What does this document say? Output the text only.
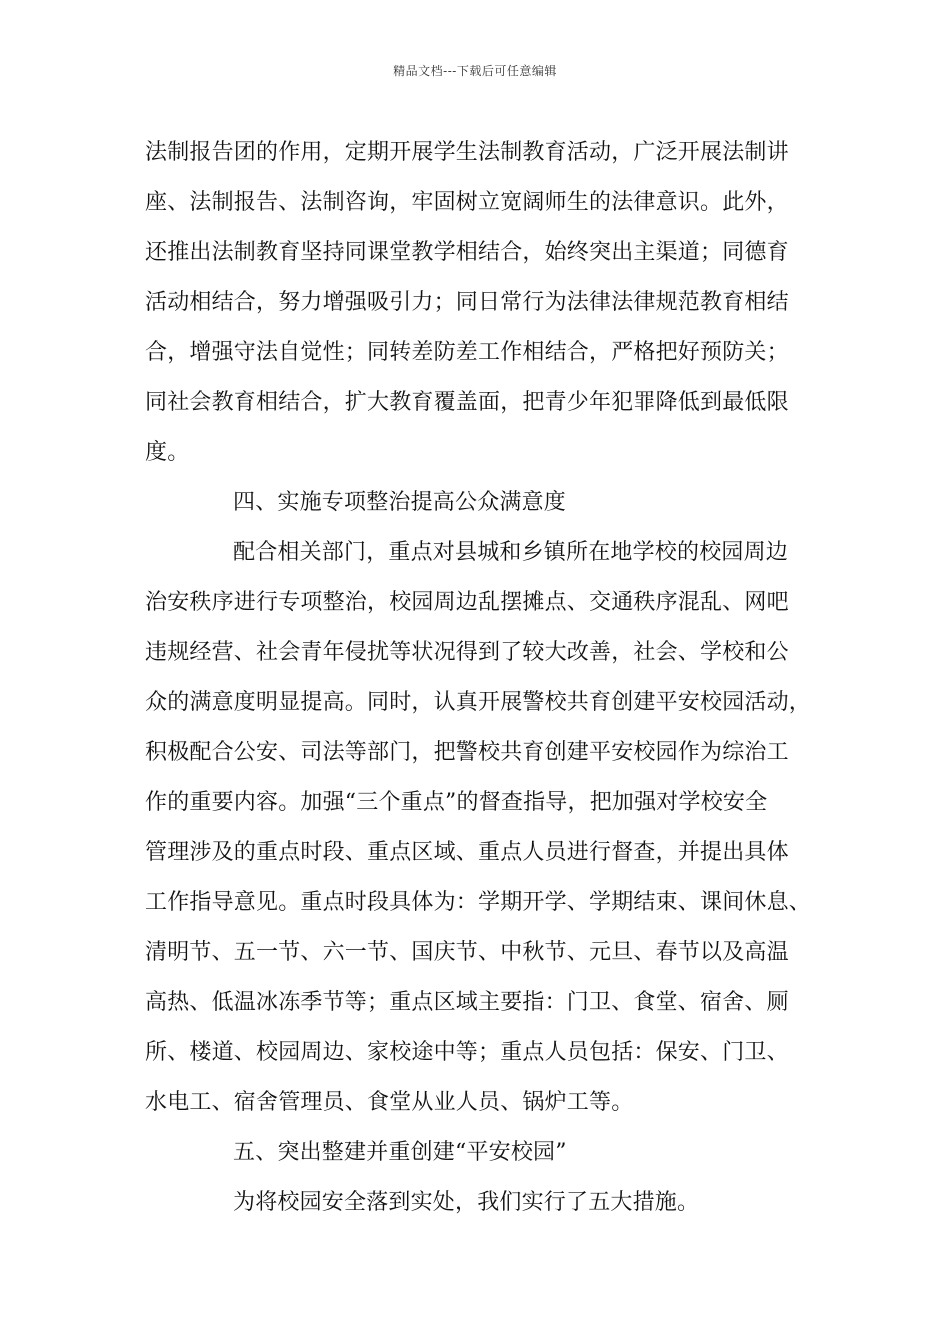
精品文档---下载后可任意编辑
法制报告团的作用，定期开展学生法制教育活动，广泛开展法制讲
座、法制报告、法制咨询，牢固树立宽阔师生的法律意识。此外，
还推出法制教育坚持同课堂教学相结合，始终突出主渠道；同德育
活动相结合，努力增强吸引力；同日常行为法律法律规范教育相结
合，增强守法自觉性；同转差防差工作相结合，严格把好预防关；
同社会教育相结合，扩大教育覆盖面，把青少年犯罪降低到最低限
度。
四、实施专项整治提高公众满意度
配合相关部门，重点对县城和乡镇所在地学校的校园周边
治安秩序进行专项整治，校园周边乱摆摊点、交通秩序混乱、网吧
违规经营、社会青年侵扰等状况得到了较大改善，社会、学校和公
众的满意度明显提高。同时，认真开展警校共育创建平安校园活动，
积极配合公安、司法等部门，把警校共育创建平安校园作为综治工
作的重要内容。加强“三个重点”的督查指导，把加强对学校安全
管理涉及的重点时段、重点区域、重点人员进行督查，并提出具体
工作指导意见。重点时段具体为：学期开学、学期结束、课间休息、
清明节、五一节、六一节、国庆节、中秋节、元旦、春节以及高温
高热、低温冰冻季节等；重点区域主要指：门卫、食堂、宿舍、厕
所、楼道、校园周边、家校途中等；重点人员包括：保安、门卫、
水电工、宿舍管理员、食堂从业人员、锅炉工等。
五、突出整建并重创建“平安校园”
为将校园安全落到实处，我们实行了五大措施。
